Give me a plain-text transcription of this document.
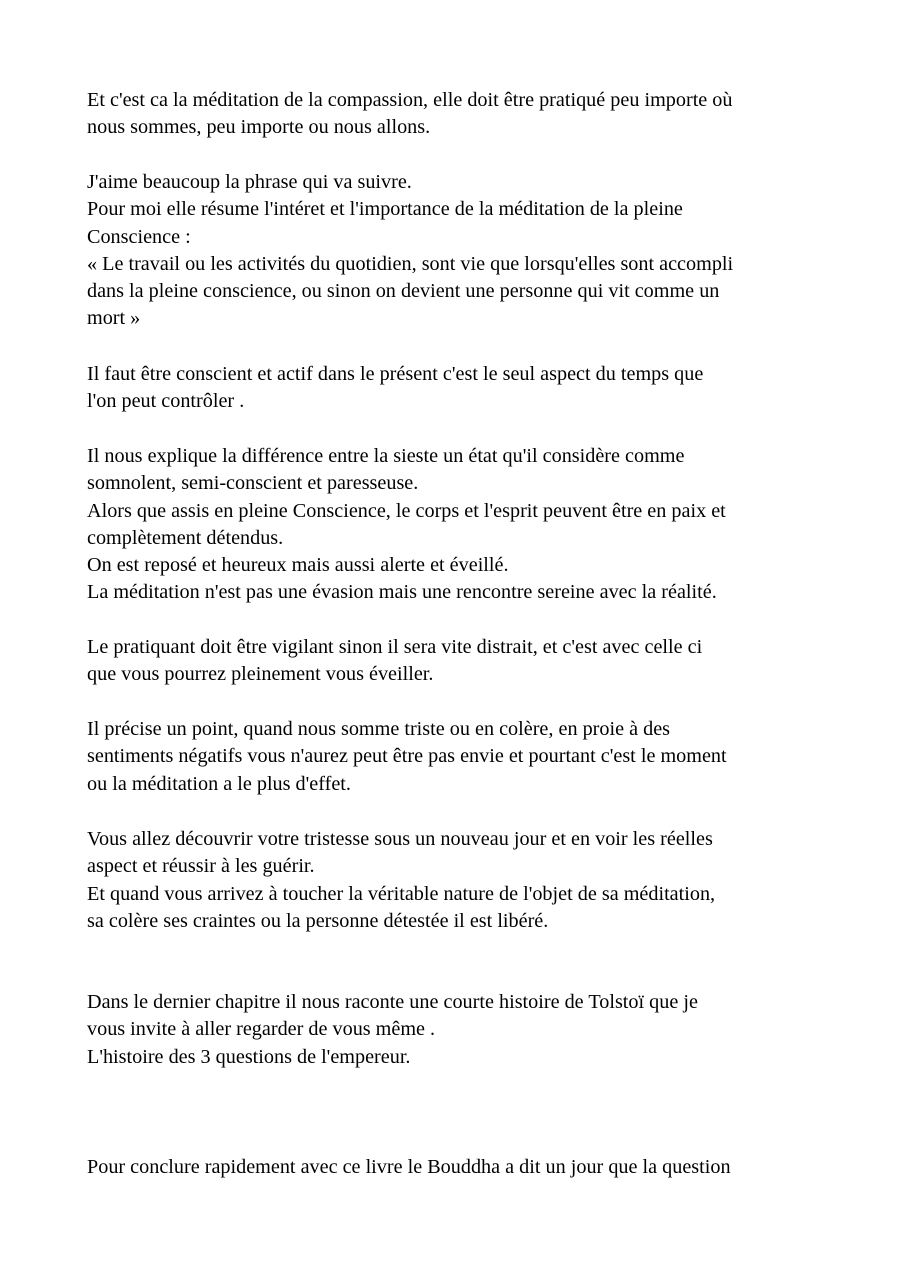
Et c'est ca la méditation de la compassion, elle doit être pratiqué peu importe où
nous sommes, peu importe ou nous allons.
J'aime beaucoup la phrase qui va suivre.
Pour moi elle résume l'intéret et l'importance de la méditation de la pleine
Conscience :
« Le travail ou les activités du quotidien, sont vie que lorsqu'elles sont accompli
dans la pleine conscience, ou sinon on devient une personne qui vit comme un
mort »
Il faut être conscient et actif dans le présent c'est le seul aspect du temps que
l'on peut contrôler .
Il nous explique la différence entre la sieste un état qu'il considère comme
somnolent, semi-conscient et paresseuse.
Alors que assis en pleine Conscience, le corps et l'esprit peuvent être en paix et
complètement détendus.
On est reposé et heureux mais aussi alerte et éveillé.
La méditation n'est pas une évasion mais une rencontre sereine avec la réalité.
Le pratiquant doit être vigilant sinon il sera vite distrait, et c'est avec celle ci
que vous pourrez pleinement vous éveiller.
Il précise un point, quand nous somme triste ou en colère, en proie à des
sentiments négatifs vous n'aurez peut être pas envie et pourtant c'est le moment
ou la méditation a le plus d'effet.
Vous allez découvrir votre tristesse sous un nouveau jour et en voir les réelles
aspect et réussir à les guérir.
Et quand vous arrivez à toucher la véritable nature de l'objet de sa méditation,
sa colère ses craintes ou la personne détestée il est libéré.
Dans le dernier chapitre il nous raconte une courte histoire de Tolstoï que je
vous invite à aller regarder de vous même .
L'histoire des 3 questions de l'empereur.
Pour conclure rapidement avec ce livre le Bouddha a dit un jour que la question
